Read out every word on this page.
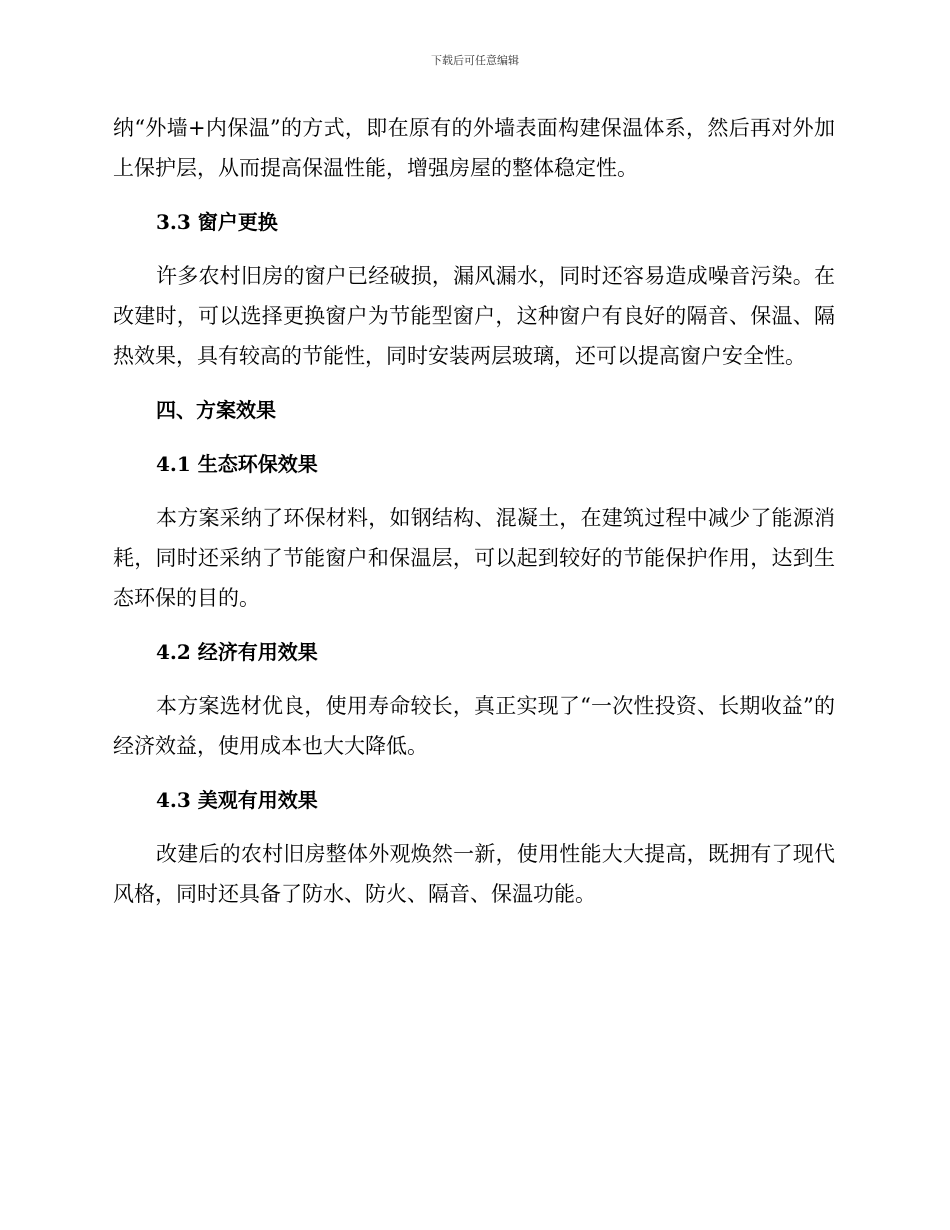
下载后可任意编辑

纳“外墙+内保温”的方式，即在原有的外墙表面构建保温体系，然后再对外加上保护层，从而提高保温性能，增强房屋的整体稳定性。

3.3 窗户更换

许多农村旧房的窗户已经破损，漏风漏水，同时还容易造成噪音污染。在改建时，可以选择更换窗户为节能型窗户，这种窗户有良好的隔音、保温、隔热效果，具有较高的节能性，同时安装两层玻璃，还可以提高窗户安全性。

四、方案效果
4.1 生态环保效果

本方案采纳了环保材料，如钢结构、混凝土，在建筑过程中减少了能源消耗，同时还采纳了节能窗户和保温层，可以起到较好的节能保护作用，达到生态环保的目的。

4.2 经济有用效果

本方案选材优良，使用寿命较长，真正实现了“一次性投资、长期收益”的经济效益，使用成本也大大降低。

4.3 美观有用效果

改建后的农村旧房整体外观焕然一新，使用性能大大提高，既拥有了现代风格，同时还具备了防水、防火、隔音、保温功能。
